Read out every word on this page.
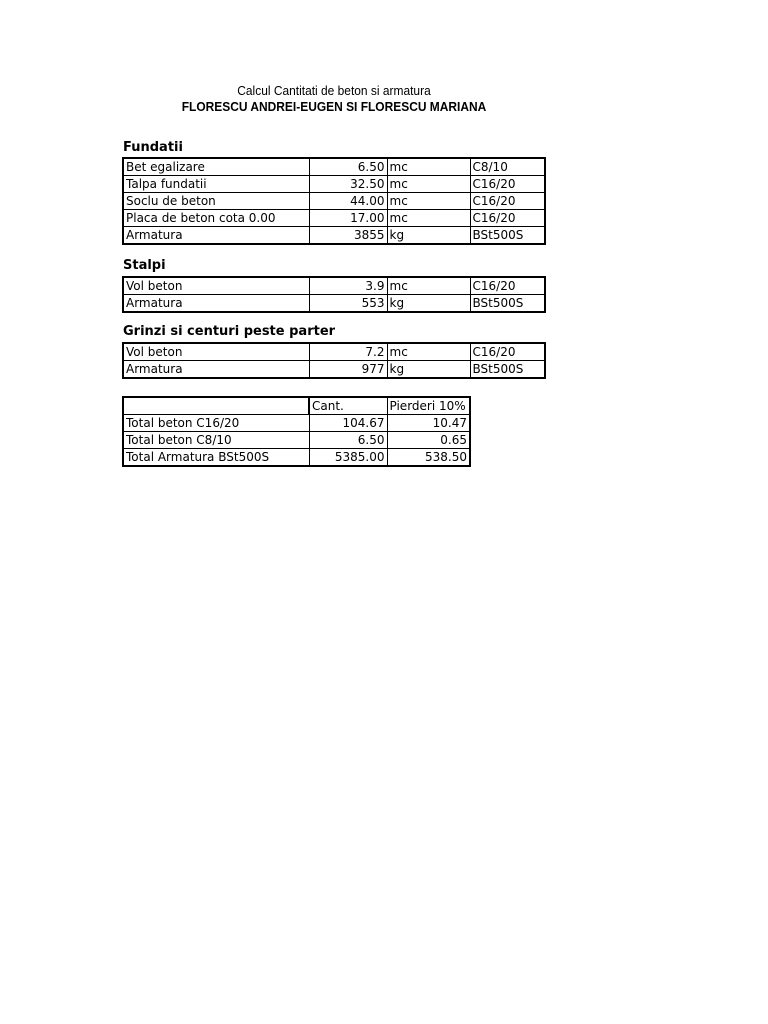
Calcul Cantitati de beton si armatura
FLORESCU ANDREI-EUGEN SI FLORESCU MARIANA
Fundatii
Bet egalizare	6.50	mc	C8/10
Talpa fundatii	32.50	mc	C16/20
Soclu de beton	44.00	mc	C16/20
Placa de beton cota 0.00	17.00	mc	C16/20
Armatura	3855	kg	BSt500S
Stalpi
Vol beton	3.9	mc	C16/20
Armatura	553	kg	BSt500S
Grinzi si centuri peste parter
Vol beton	7.2	mc	C16/20
Armatura	977	kg	BSt500S
	Cant.	Pierderi 10%
Total beton C16/20	104.67	10.47
Total beton C8/10	6.50	0.65
Total Armatura BSt500S	5385.00	538.50
